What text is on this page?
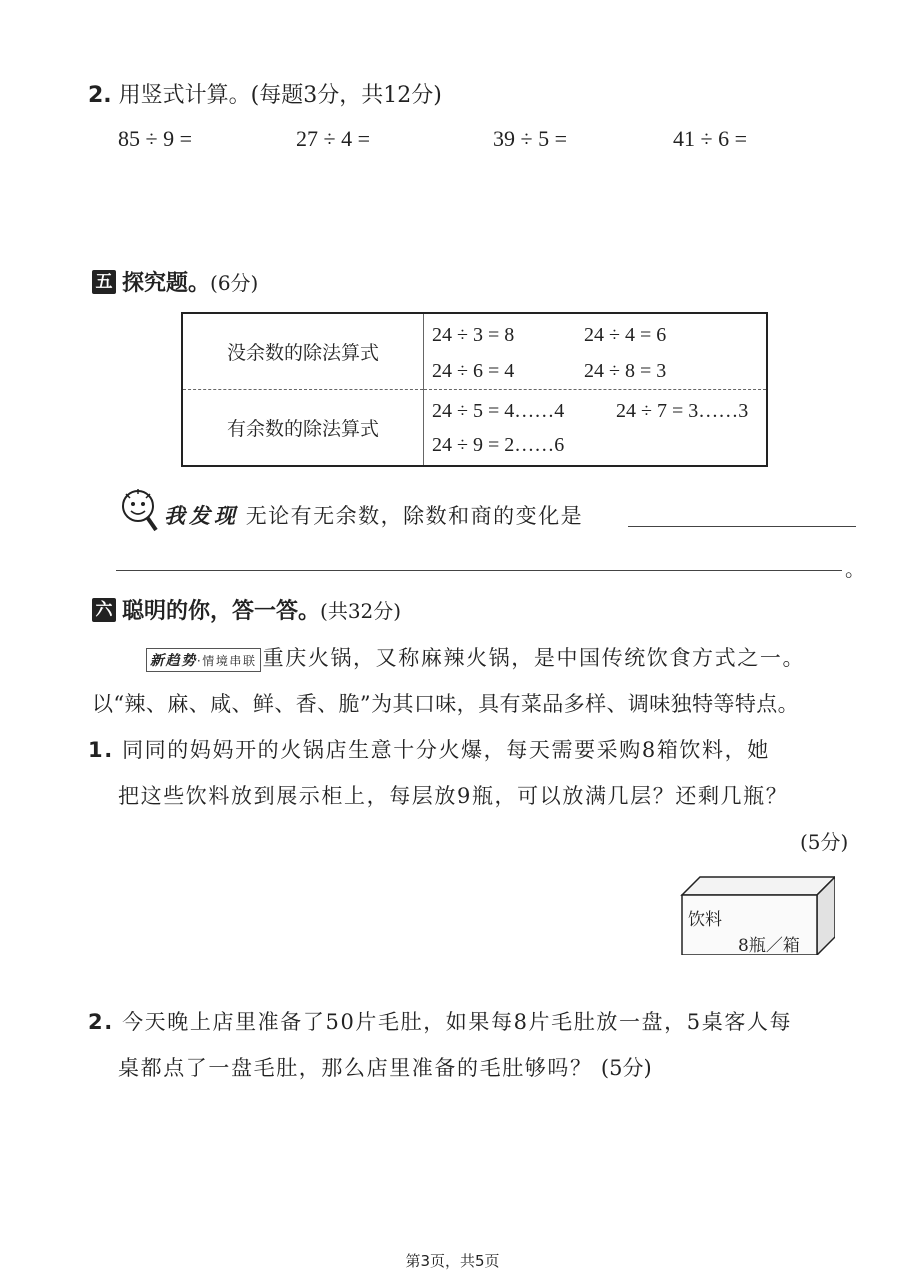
2. 用竖式计算。(每题3分，共12分)
85 ÷ 9 =	27 ÷ 4 =	39 ÷ 5 =	41 ÷ 6 =
五 探究题。(6分)
没余数的除法算式	24 ÷ 3 = 8 24 ÷ 4 = 6
24 ÷ 6 = 4 24 ÷ 8 = 3

有余数的除法算式	24 ÷ 5 = 4……4 24 ÷ 7 = 3……3
24 ÷ 9 = 2……6
我发现 无论有无余数，除数和商的变化是
。
六 聪明的你，答一答。(共32分)
新趋势·情境串联 重庆火锅，又称麻辣火锅，是中国传统饮食方式之一。
以“辣、麻、咸、鲜、香、脆”为其口味，具有菜品多样、调味独特等特点。
1. 同同的妈妈开的火锅店生意十分火爆，每天需要采购8箱饮料，她
把这些饮料放到展示柜上，每层放9瓶，可以放满几层？还剩几瓶？
(5分)
饮料
8瓶／箱
2. 今天晚上店里准备了50片毛肚，如果每8片毛肚放一盘，5桌客人每
桌都点了一盘毛肚，那么店里准备的毛肚够吗？ (5分)
第3页，共5页
